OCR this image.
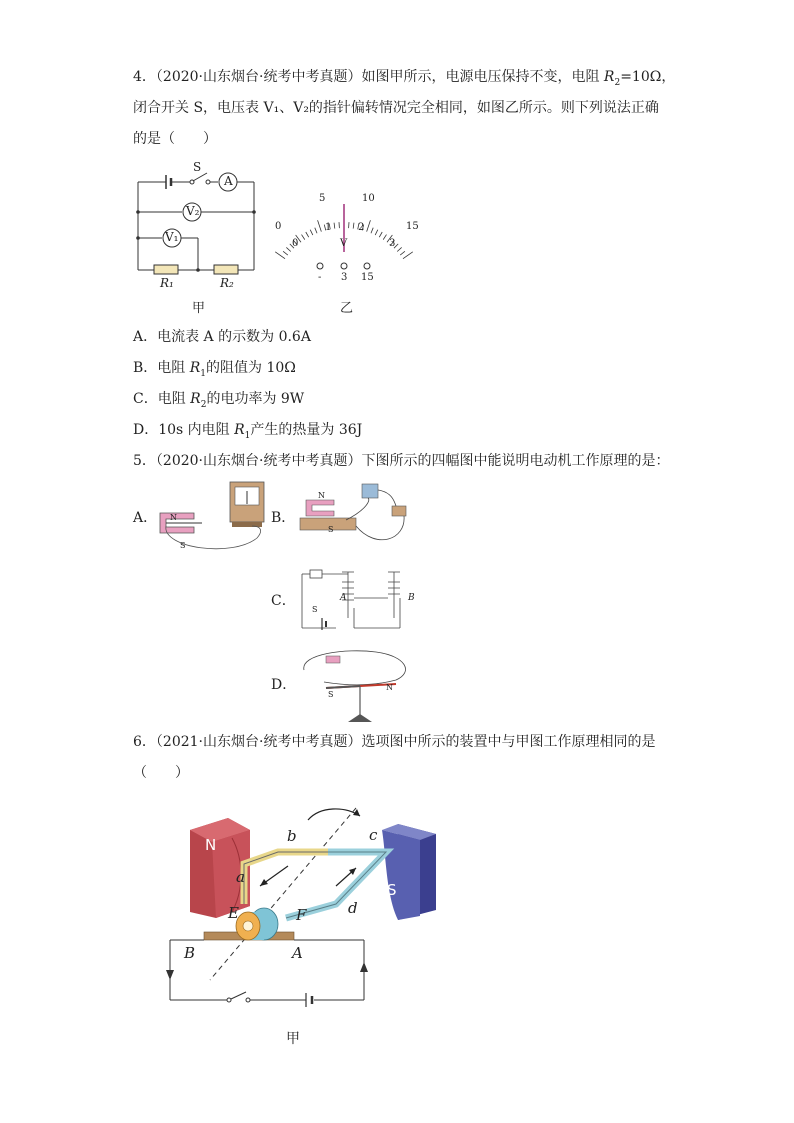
4．（2020·山东烟台·统考中考真题）如图甲所示，电源电压保持不变，电阻 $R_2=10\Omega$，
闭合开关 S，电压表 V₁、V₂的指针偏转情况完全相同，如图乙所示。则下列说法正确
的是（　　）
S
A
V₂
V₁
R₁	R₂
甲
0
5	10
15
0
1	2
3
V
- 3 15
乙
A．电流表 A 的示数为 0.6A
B．电阻 $R_1$的阻值为 10Ω
C．电阻 $R_2$的电功率为 9W
D．10s 内电阻 $R_1$产生的热量为 36J
5．（2020·山东烟台·统考中考真题）下图所示的四幅图中能说明电动机工作原理的是：
A． N
S
B．
N
S
C．	A	B
S
D．
S
N
6．（2021·山东烟台·统考中考真题）选项图中所示的装置中与甲图工作原理相同的是
（　　）
N
S
a
b	c
d
E	F
B	A
甲
